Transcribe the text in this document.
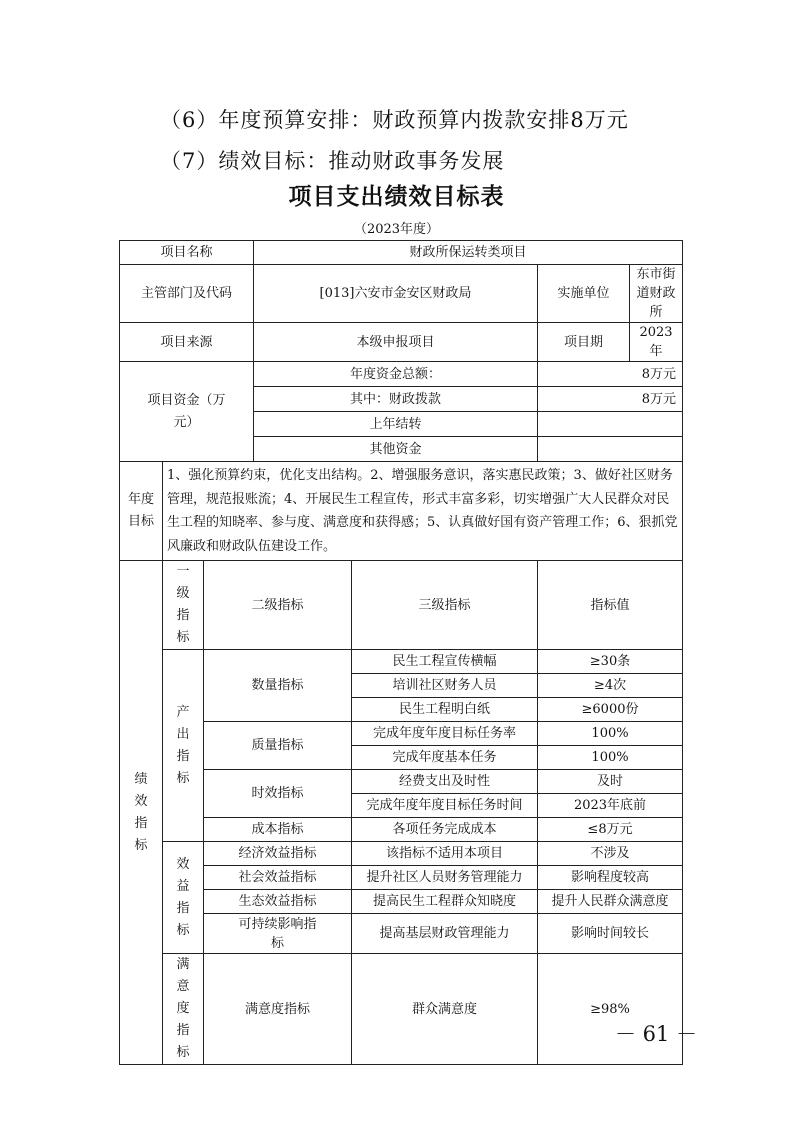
（6）年度预算安排：财政预算内拨款安排8万元
（7）绩效目标：推动财政事务发展
项目支出绩效目标表
（2023年度）
项目名称			财政所保运转类项目			
主管部门及代码			[013]六安市金安区财政局		实施单位	东市街道财政所
项目来源			本级申报项目		项目期	2023年

项目资金（万元）			年度资金总额：		8万元	
			其中：财政拨款		8万元	
			上年结转			
			其他资金			

年度目标	1、强化预算约束，优化支出结构。2、增强服务意识，落实惠民政策；3、做好社区财务管理，规范报账流；4、开展民生工程宣传，形式丰富多彩，切实增强广大人民群众对民生工程的知晓率、参与度、满意度和获得感；5、认真做好国有资产管理工作；6、狠抓党风廉政和财政队伍建设工作。					

绩效指标	一级指标	二级指标		三级指标	指标值	

	产出指标	数量指标		民生工程宣传横幅	≥30条	
				培训社区财务人员	≥4次	
				民生工程明白纸	≥6000份	
		质量指标		完成年度年度目标任务率	100%	
				完成年度基本任务	100%	
		时效指标		经费支出及时性	及时	
				完成年度年度目标任务时间	2023年底前	
		成本指标		各项任务完成成本	≤8万元	

	效益指标	经济效益指标		该指标不适用本项目	不涉及	
		社会效益指标		提升社区人员财务管理能力	影响程度较高	
		生态效益指标		提高民生工程群众知晓度	提升人民群众满意度	

		可持续影响指标		提高基层财政管理能力	影响时间较长	

	满意度指标	满意度指标		群众满意度	≥98%	
－ 61 －
